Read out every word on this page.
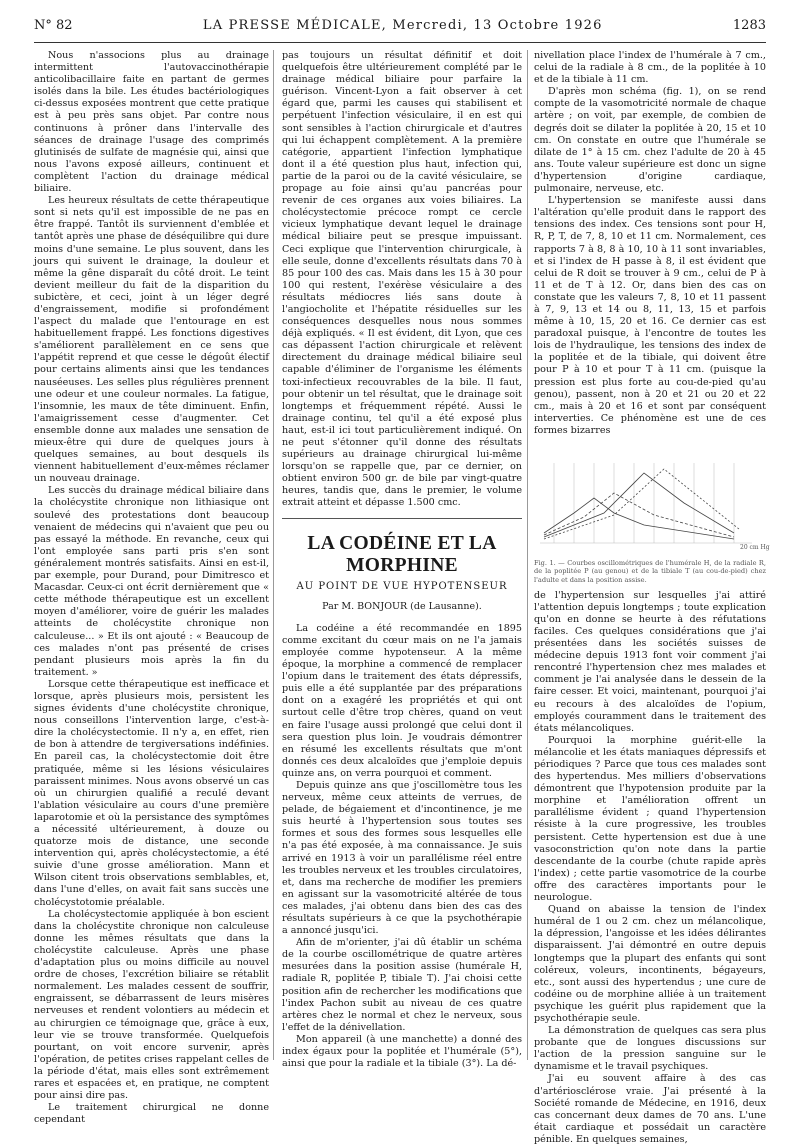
N° 82	LA PRESSE MÉDICALE, Mercredi, 13 Octobre 1926	1283

Nous n'associons plus au drainage intermittent l'autovaccinothérapie anticolibacillaire faite en partant de germes isolés dans la bile. Les études bactériologiques ci-dessus exposées montrent que cette pratique est à peu près sans objet. Par contre nous continuons à prôner dans l'intervalle des séances de drainage l'usage des comprimés glutinisés de sulfate de magnésie qui, ainsi que nous l'avons exposé ailleurs, continuent et complètent l'action du drainage médical biliaire.

Les heureux résultats de cette thérapeutique sont si nets qu'il est impossible de ne pas en être frappé. Tantôt ils surviennent d'emblée et tantôt après une phase de déséquilibre qui dure moins d'une semaine. Le plus souvent, dans les jours qui suivent le drainage, la douleur et même la gêne disparaît du côté droit. Le teint devient meilleur du fait de la disparition du subictère, et ceci, joint à un léger degré d'engraissement, modifie si profondément l'aspect du malade que l'entourage en est habituellement frappé. Les fonctions digestives s'améliorent parallèlement en ce sens que l'appétit reprend et que cesse le dégoût électif pour certains aliments ainsi que les tendances nauséeuses. Les selles plus régulières prennent une odeur et une couleur normales. La fatigue, l'insomnie, les maux de tête diminuent. Enfin, l'amaigrissement cesse d'augmenter. Cet ensemble donne aux malades une sensation de mieux-être qui dure de quelques jours à quelques semaines, au bout desquels ils viennent habituellement d'eux-mêmes réclamer un nouveau drainage.

Les succès du drainage médical biliaire dans la cholécystite chronique non lithiasique ont soulevé des protestations dont beaucoup venaient de médecins qui n'avaient que peu ou pas essayé la méthode. En revanche, ceux qui l'ont employée sans parti pris s'en sont généralement montrés satisfaits. Ainsi en est-il, par exemple, pour Durand, pour Dimitresco et Macasdar. Ceux-ci ont écrit dernièrement que « cette méthode thérapeutique est un excellent moyen d'améliorer, voire de guérir les malades atteints de cholécystite chronique non calculeuse... » Et ils ont ajouté : « Beaucoup de ces malades n'ont pas présenté de crises pendant plusieurs mois après la fin du traitement. »

Lorsque cette thérapeutique est inefficace et lorsque, après plusieurs mois, persistent les signes évidents d'une cholécystite chronique, nous conseillons l'intervention large, c'est-à-dire la cholécystectomie. Il n'y a, en effet, rien de bon à attendre de tergiversations indéfinies. En pareil cas, la cholécystectomie doit être pratiquée, même si les lésions vésiculaires paraissent minimes. Nous avons observé un cas où un chirurgien qualifié a reculé devant l'ablation vésiculaire au cours d'une première laparotomie et où la persistance des symptômes a nécessité ultérieurement, à douze ou quatorze mois de distance, une seconde intervention qui, après cholécystectomie, a été suivie d'une grosse amélioration. Mann et Wilson citent trois observations semblables, et, dans l'une d'elles, on avait fait sans succès une cholécystotomie préalable.

La cholécystectomie appliquée à bon escient dans la cholécystite chronique non calculeuse donne les mêmes résultats que dans la cholécystite calculeuse. Après une phase d'adaptation plus ou moins difficile au nouvel ordre de choses, l'excrétion biliaire se rétablit normalement. Les malades cessent de souffrir, engraissent, se débarrassent de leurs misères nerveuses et rendent volontiers au médecin et au chirurgien ce témoignage que, grâce à eux, leur vie se trouve transformée. Quelquefois pourtant, on voit encore survenir, après l'opération, de petites crises rappelant celles de la période d'état, mais elles sont extrêmement rares et espacées et, en pratique, ne comptent pour ainsi dire pas.

Le traitement chirurgical ne donne cependant

pas toujours un résultat définitif et doit quelquefois être ultérieurement complété par le drainage médical biliaire pour parfaire la guérison. Vincent-Lyon a fait observer à cet égard que, parmi les causes qui stabilisent et perpétuent l'infection vésiculaire, il en est qui sont sensibles à l'action chirurgicale et d'autres qui lui échappent complètement. A la première catégorie, appartient l'infection lymphatique dont il a été question plus haut, infection qui, partie de la paroi ou de la cavité vésiculaire, se propage au foie ainsi qu'au pancréas pour revenir de ces organes aux voies biliaires. La cholécystectomie précoce rompt ce cercle vicieux lymphatique devant lequel le drainage médical biliaire peut se presque impuissant. Ceci explique que l'intervention chirurgicale, à elle seule, donne d'excellents résultats dans 70 à 85 pour 100 des cas. Mais dans les 15 à 30 pour 100 qui restent, l'exérèse vésiculaire a des résultats médiocres liés sans doute à l'angiocholite et l'hépatite résiduelles sur les conséquences desquelles nous nous sommes déjà expliqués. « Il est évident, dit Lyon, que ces cas dépassent l'action chirurgicale et relèvent directement du drainage médical biliaire seul capable d'éliminer de l'organisme les éléments toxi-infectieux recouvrables de la bile. Il faut, pour obtenir un tel résultat, que le drainage soit longtemps et fréquemment répété. Aussi le drainage continu, tel qu'il a été exposé plus haut, est-il ici tout particulièrement indiqué. On ne peut s'étonner qu'il donne des résultats supérieurs au drainage chirurgical lui-même lorsqu'on se rappelle que, par ce dernier, on obtient environ 500 gr. de bile par vingt-quatre heures, tandis que, dans le premier, le volume extrait atteint et dépasse 1.500 cmc.

LA CODÉINE ET LA MORPHINE
AU POINT DE VUE HYPOTENSEUR
Par M. BONJOUR (de Lausanne).

La codéine a été recommandée en 1895 comme excitant du cœur mais on ne l'a jamais employée comme hypotenseur. A la même époque, la morphine a commencé de remplacer l'opium dans le traitement des états dépressifs, puis elle a été supplantée par des préparations dont on a exagéré les propriétés et qui ont surtout celle d'être trop chères, quand on veut en faire l'usage aussi prolongé que celui dont il sera question plus loin. Je voudrais démontrer en résumé les excellents résultats que m'ont donnés ces deux alcaloïdes que j'emploie depuis quinze ans, on verra pourquoi et comment.

Depuis quinze ans que j'oscillomètre tous les nerveux, même ceux atteints de verrues, de pelade, de bégaiement et d'incontinence, je me suis heurté à l'hypertension sous toutes ses formes et sous des formes sous lesquelles elle n'a pas été exposée, à ma connaissance. Je suis arrivé en 1913 à voir un parallélisme réel entre les troubles nerveux et les troubles circulatoires, et, dans ma recherche de modifier les premiers en agissant sur la vasomotricité altérée de tous ces malades, j'ai obtenu dans bien des cas des résultats supérieurs à ce que la psychothérapie a annoncé jusqu'ici.

Afin de m'orienter, j'ai dû établir un schéma de la courbe oscillométrique de quatre artères mesurées dans la position assise (humérale H, radiale R, poplitée P, tibiale T). J'ai choisi cette position afin de rechercher les modifications que l'index Pachon subit au niveau de ces quatre artères chez le normal et chez le nerveux, sous l'effet de la dénivellation.

Mon appareil (à une manchette) a donné des index égaux pour la poplitée et l'humérale (5°), ainsi que pour la radiale et la tibiale (3°). La dé-

nivellation place l'index de l'humérale à 7 cm., celui de la radiale à 8 cm., de la poplitée à 10 et de la tibiale à 11 cm.

D'après mon schéma (fig. 1), on se rend compte de la vasomotricité normale de chaque artère ; on voit, par exemple, de combien de degrés doit se dilater la poplitée à 20, 15 et 10 cm. On constate en outre que l'humérale se dilate de 1° à 15 cm. chez l'adulte de 20 à 45 ans. Toute valeur supérieure est donc un signe d'hypertension d'origine cardiaque, pulmonaire, nerveuse, etc.

L'hypertension se manifeste aussi dans l'altération qu'elle produit dans le rapport des tensions des index. Ces tensions sont pour H, R, P, T, de 7, 8, 10 et 11 cm. Normalement, ces rapports 7 à 8, 8 à 10, 10 à 11 sont invariables, et si l'index de H passe à 8, il est évident que celui de R doit se trouver à 9 cm., celui de P à 11 et de T à 12. Or, dans bien des cas on constate que les valeurs 7, 8, 10 et 11 passent à 7, 9, 13 et 14 ou 8, 11, 13, 15 et parfois même à 10, 15, 20 et 16. Ce dernier cas est paradoxal puisque, à l'encontre de toutes les lois de l'hydraulique, les tensions des index de la poplitée et de la tibiale, qui doivent être pour P à 10 et pour T à 11 cm. (puisque la pression est plus forte au cou-de-pied qu'au genou), passent, non à 20 et 21 ou 20 et 22 cm., mais à 20 et 16 et sont par conséquent interverties. Ce phénomène est une de ces formes bizarres

20 cm Hg
Fig. 1. — Courbes oscillométriques de l'humérale H, de la radiale R, de la poplitée P (au genou) et de la tibiale T (au cou-de-pied) chez l'adulte et dans la position assise.

de l'hypertension sur lesquelles j'ai attiré l'attention depuis longtemps ; toute explication qu'on en donne se heurte à des réfutations faciles. Ces quelques considérations que j'ai présentées dans les sociétés suisses de médecine depuis 1913 font voir comment j'ai rencontré l'hypertension chez mes malades et comment je l'ai analysée dans le dessein de la faire cesser. Et voici, maintenant, pourquoi j'ai eu recours à des alcaloïdes de l'opium, employés couramment dans le traitement des états mélancoliques.

Pourquoi la morphine guérit-elle la mélancolie et les états maniaques dépressifs et périodiques ? Parce que tous ces malades sont des hypertendus. Mes milliers d'observations démontrent que l'hypotension produite par la morphine et l'amélioration offrent un parallélisme évident ; quand l'hypertension résiste à la cure progressive, les troubles persistent. Cette hypertension est due à une vasoconstriction qu'on note dans la partie descendante de la courbe (chute rapide après l'index) ; cette partie vasomotrice de la courbe offre des caractères importants pour le neurologue.

Quand on abaisse la tension de l'index huméral de 1 ou 2 cm. chez un mélancolique, la dépression, l'angoisse et les idées délirantes disparaissent. J'ai démontré en outre depuis longtemps que la plupart des enfants qui sont coléreux, voleurs, incontinents, bégayeurs, etc., sont aussi des hypertendus ; une cure de codéine ou de morphine alliée à un traitement psychique les guérit plus rapidement que la psychothérapie seule.

La démonstration de quelques cas sera plus probante que de longues discussions sur l'action de la pression sanguine sur le dynamisme et le travail psychiques.

J'ai eu souvent affaire à des cas d'artériosclérose vraie. J'ai présenté à la Société romande de Médecine, en 1916, deux cas concernant deux dames de 70 ans. L'une était cardiaque et possédait un caractère pénible. En quelques semaines,
